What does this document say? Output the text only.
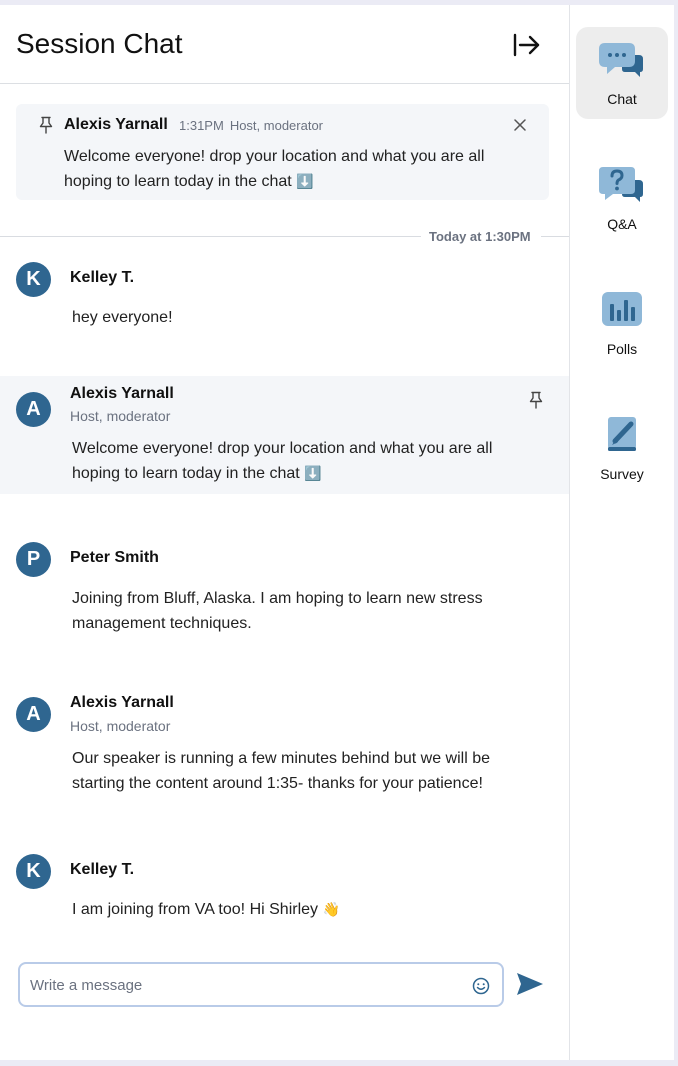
Session Chat
Alexis Yarnall 1:31PM Host, moderator
Welcome everyone! drop your location and what you are all hoping to learn today in the chat ⬇️
Today at 1:30PM
K	Kelley T.
hey everyone!
A
Alexis Yarnall
Host, moderator
Welcome everyone! drop your location and what you are all hoping to learn today in the chat ⬇️
P	Peter Smith
Joining from Bluff, Alaska. I am hoping to learn new stress management techniques.
A
Alexis Yarnall
Host, moderator
Our speaker is running a few minutes behind but we will be starting the content around 1:35- thanks for your patience!
K	Kelley T.
I am joining from VA too! Hi Shirley 👋
Write a message
Chat
Q&A
Polls
Survey
